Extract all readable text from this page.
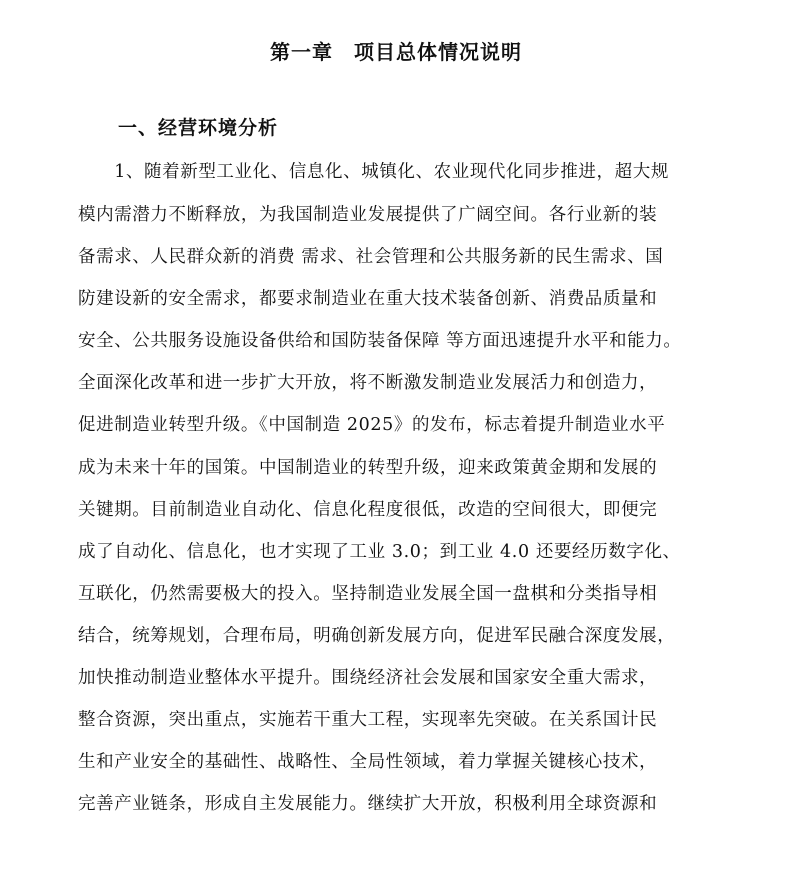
第一章　项目总体情况说明
一、经营环境分析
　　1、随着新型工业化、信息化、城镇化、农业现代化同步推进，超大规
模内需潜力不断释放，为我国制造业发展提供了广阔空间。各行业新的装
备需求、人民群众新的消费 需求、社会管理和公共服务新的民生需求、国
防建设新的安全需求，都要求制造业在重大技术装备创新、消费品质量和
安全、公共服务设施设备供给和国防装备保障 等方面迅速提升水平和能力。
全面深化改革和进一步扩大开放，将不断激发制造业发展活力和创造力，
促进制造业转型升级。《中国制造 2025》的发布，标志着提升制造业水平
成为未来十年的国策。中国制造业的转型升级，迎来政策黄金期和发展的
关键期。目前制造业自动化、信息化程度很低，改造的空间很大，即便完
成了自动化、信息化，也才实现了工业 3.0；到工业 4.0 还要经历数字化、
互联化，仍然需要极大的投入。坚持制造业发展全国一盘棋和分类指导相
结合，统筹规划，合理布局，明确创新发展方向，促进军民融合深度发展，
加快推动制造业整体水平提升。围绕经济社会发展和国家安全重大需求，
整合资源，突出重点，实施若干重大工程，实现率先突破。在关系国计民
生和产业安全的基础性、战略性、全局性领域，着力掌握关键核心技术，
完善产业链条，形成自主发展能力。继续扩大开放，积极利用全球资源和
